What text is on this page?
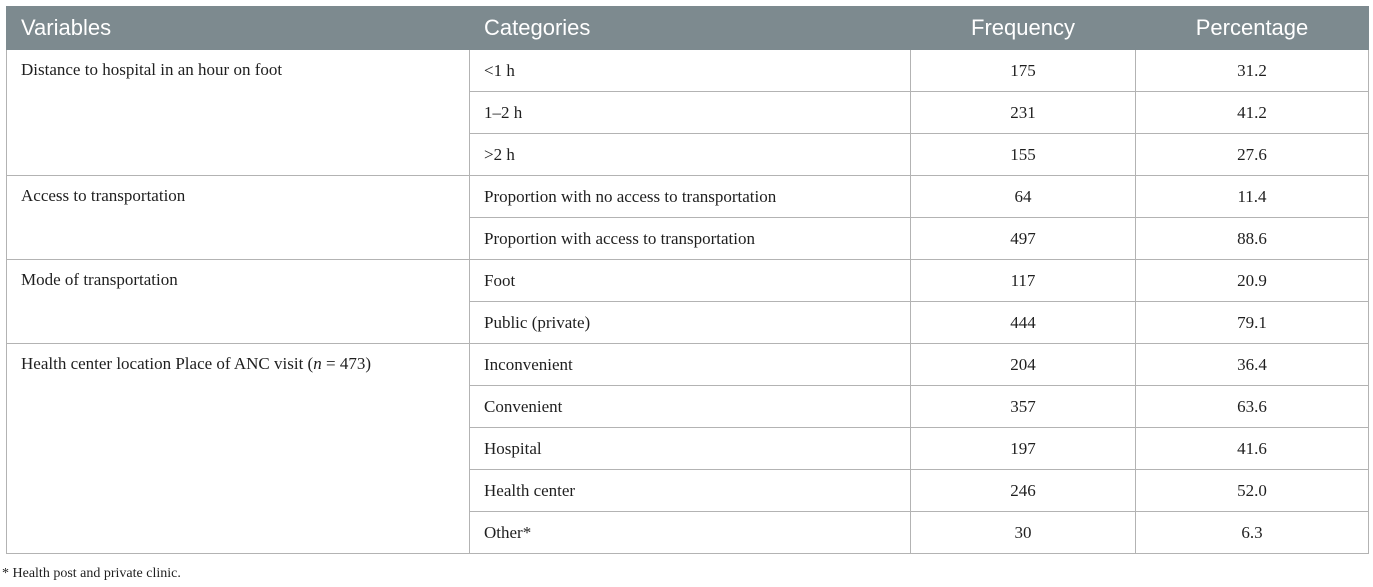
Variables	Categories	Frequency	Percentage
Distance to hospital in an hour on foot	<1 h	175	31.2
	1–2 h	231	41.2
	>2 h	155	27.6
Access to transportation	Proportion with no access to transportation	64	11.4
	Proportion with access to transportation	497	88.6
Mode of transportation	Foot	117	20.9
	Public (private)	444	79.1
Health center location Place of ANC visit (n = 473)	Inconvenient	204	36.4
	Convenient	357	63.6
	Hospital	197	41.6
	Health center	246	52.0
	Other*	30	6.3
* Health post and private clinic.
